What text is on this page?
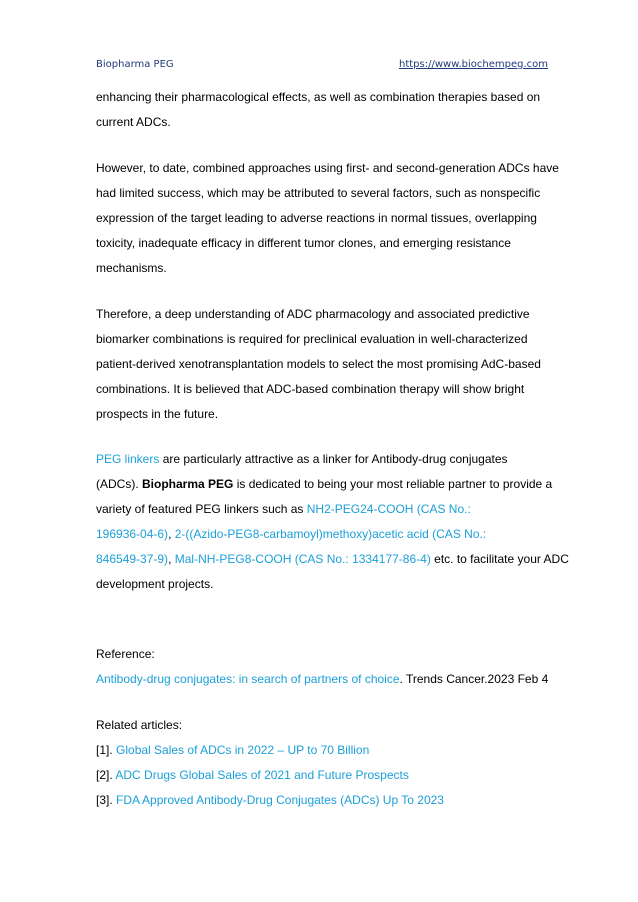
Biopharma PEG	https://www.biochempeg.com
enhancing their pharmacological effects, as well as combination therapies based on
current ADCs.
However, to date, combined approaches using first- and second-generation ADCs have
had limited success, which may be attributed to several factors, such as nonspecific
expression of the target leading to adverse reactions in normal tissues, overlapping
toxicity, inadequate efficacy in different tumor clones, and emerging resistance
mechanisms.
Therefore, a deep understanding of ADC pharmacology and associated predictive
biomarker combinations is required for preclinical evaluation in well-characterized
patient-derived xenotransplantation models to select the most promising AdC-based
combinations. It is believed that ADC-based combination therapy will show bright
prospects in the future.
PEG linkers are particularly attractive as a linker for Antibody-drug conjugates
(ADCs). Biopharma PEG is dedicated to being your most reliable partner to provide a
variety of featured PEG linkers such as NH2-PEG24-COOH (CAS No.:
196936-04-6), 2-((Azido-PEG8-carbamoyl)methoxy)acetic acid (CAS No.:
846549-37-9), Mal-NH-PEG8-COOH (CAS No.: 1334177-86-4) etc. to facilitate your ADC
development projects.
Reference:
Antibody-drug conjugates: in search of partners of choice. Trends Cancer.2023 Feb 4
Related articles:
[1]. Global Sales of ADCs in 2022 – UP to 70 Billion
[2]. ADC Drugs Global Sales of 2021 and Future Prospects
[3]. FDA Approved Antibody-Drug Conjugates (ADCs) Up To 2023
